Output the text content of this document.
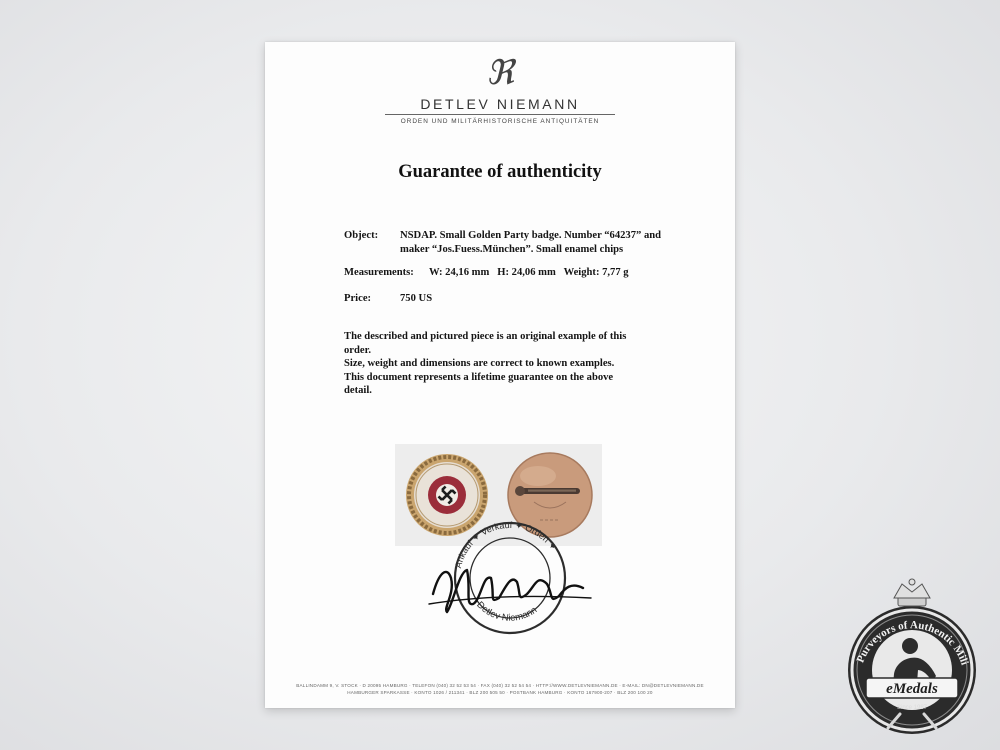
ℜ
DETLEV NIEMANN
ORDEN UND MILITÄRHISTORISCHE ANTIQUITÄTEN
Guarantee of authenticity
Object: NSDAP. Small Golden Party badge. Number “64237” and
maker “Jos.Fuess.München”. Small enamel chips
Measurements: W: 24,16 mm   H: 24,06 mm   Weight: 7,77 g
Price:	750 US
The described and pictured piece is an original example of this
order.
Size, weight and dimensions are correct to known examples.
This document represents a lifetime guarantee on the above
detail.
Ankauf ✦ Verkauf ✦ Orden ✦
Detlev Niemann
BALLINDAMM 9, V. STOCK · D 20095 HAMBURG · TELEFON (040) 32 52 53 54 · FAX (040) 32 52 54 54 · HTTP://WWW.DETLEVNIEMANN.DE · E-MAIL: DN@DETLEVNIEMANN.DE
HAMBURGER SPARKASSE · KONTO 1026 / 211341 · BLZ 200 505 50 · POSTBANK HAMBURG · KONTO 167900-207 · BLZ 200 100 20
Purveyors of Authentic Mili
eMedals
Since 1987
